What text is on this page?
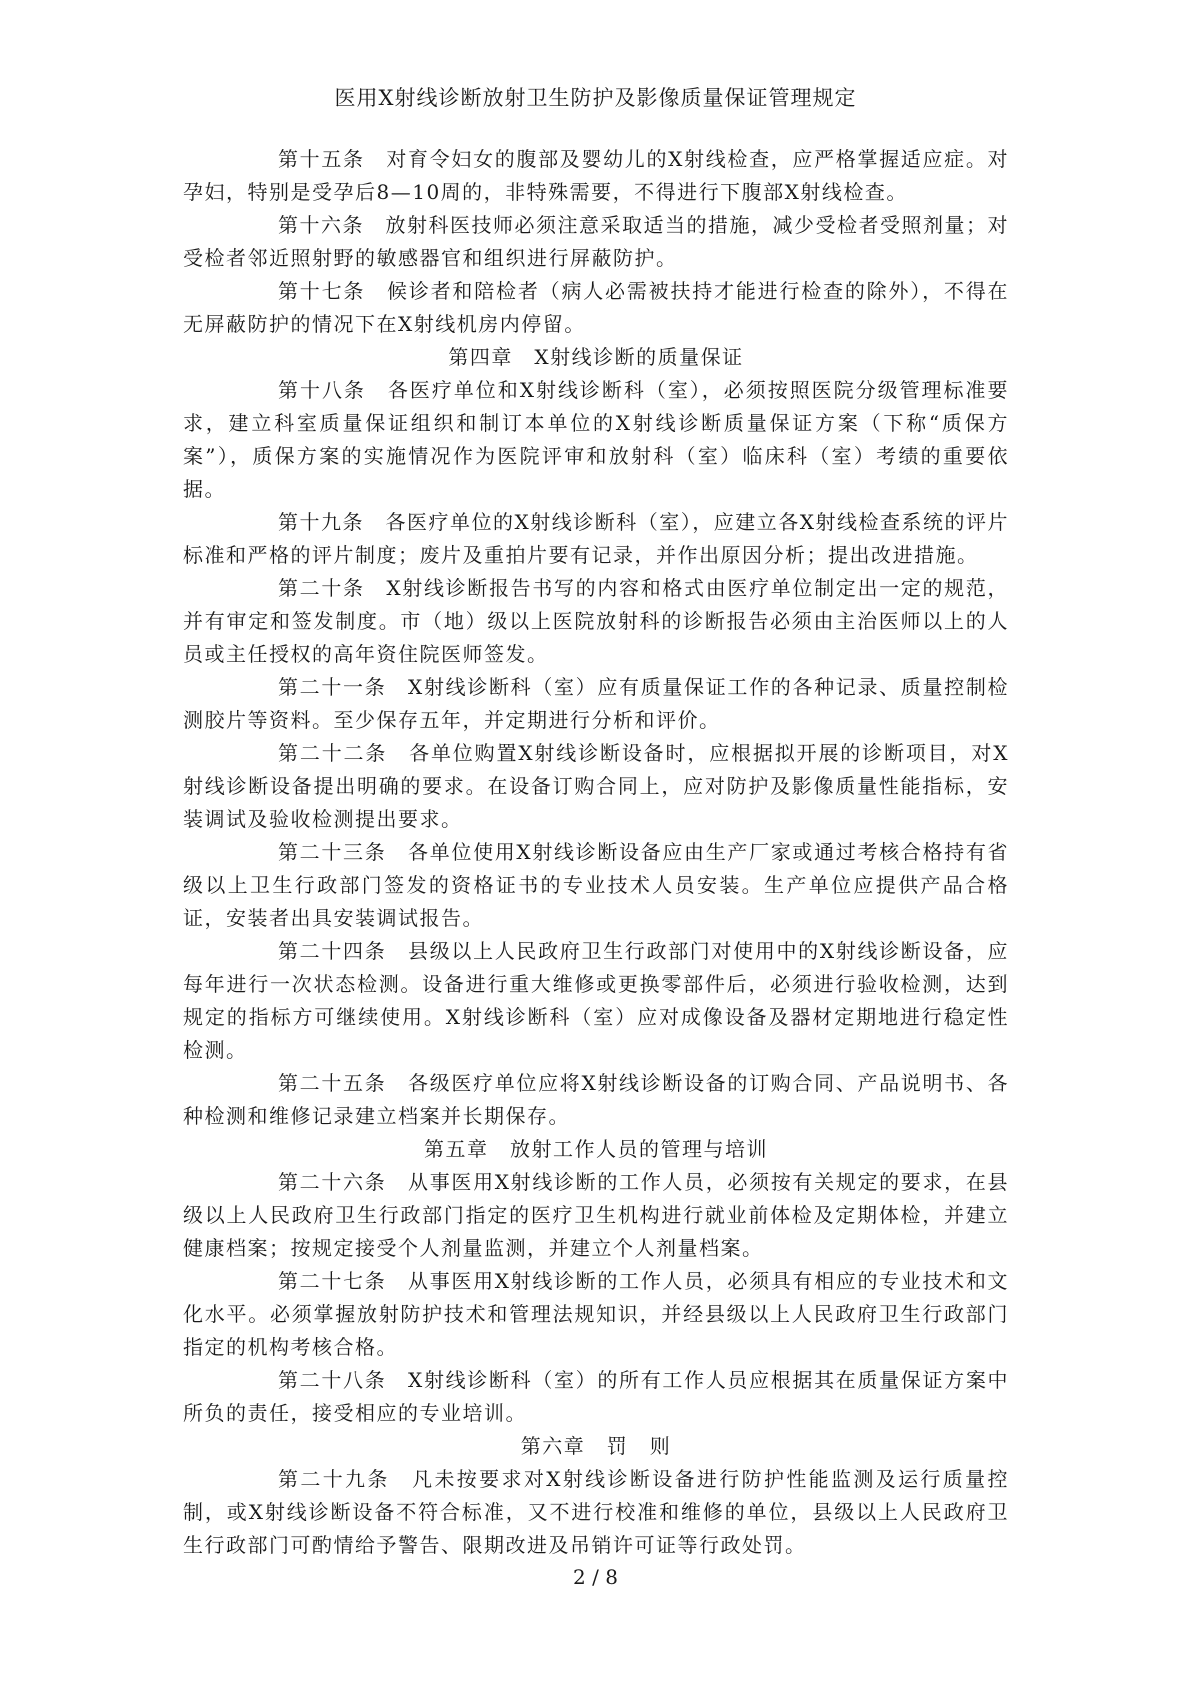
医用X射线诊断放射卫生防护及影像质量保证管理规定

第十五条　对育令妇女的腹部及婴幼儿的X射线检查，应严格掌握适应症。对孕妇，特别是受孕后8—10周的，非特殊需要，不得进行下腹部X射线检查。

第十六条　放射科医技师必须注意采取适当的措施，减少受检者受照剂量；对受检者邻近照射野的敏感器官和组织进行屏蔽防护。

第十七条　候诊者和陪检者（病人必需被扶持才能进行检查的除外），不得在无屏蔽防护的情况下在X射线机房内停留。

第四章　X射线诊断的质量保证

第十八条　各医疗单位和X射线诊断科（室），必须按照医院分级管理标准要求，建立科室质量保证组织和制订本单位的X射线诊断质量保证方案（下称“质保方案”），质保方案的实施情况作为医院评审和放射科（室）临床科（室）考绩的重要依据。

第十九条　各医疗单位的X射线诊断科（室），应建立各X射线检查系统的评片标准和严格的评片制度；废片及重拍片要有记录，并作出原因分析；提出改进措施。

第二十条　X射线诊断报告书写的内容和格式由医疗单位制定出一定的规范，并有审定和签发制度。市（地）级以上医院放射科的诊断报告必须由主治医师以上的人员或主任授权的高年资住院医师签发。

第二十一条　X射线诊断科（室）应有质量保证工作的各种记录、质量控制检测胶片等资料。至少保存五年，并定期进行分析和评价。

第二十二条　各单位购置X射线诊断设备时，应根据拟开展的诊断项目，对X射线诊断设备提出明确的要求。在设备订购合同上，应对防护及影像质量性能指标，安装调试及验收检测提出要求。

第二十三条　各单位使用X射线诊断设备应由生产厂家或通过考核合格持有省级以上卫生行政部门签发的资格证书的专业技术人员安装。生产单位应提供产品合格证，安装者出具安装调试报告。

第二十四条　县级以上人民政府卫生行政部门对使用中的X射线诊断设备，应每年进行一次状态检测。设备进行重大维修或更换零部件后，必须进行验收检测，达到规定的指标方可继续使用。X射线诊断科（室）应对成像设备及器材定期地进行稳定性检测。

第二十五条　各级医疗单位应将X射线诊断设备的订购合同、产品说明书、各种检测和维修记录建立档案并长期保存。

第五章　放射工作人员的管理与培训

第二十六条　从事医用X射线诊断的工作人员，必须按有关规定的要求，在县级以上人民政府卫生行政部门指定的医疗卫生机构进行就业前体检及定期体检，并建立健康档案；按规定接受个人剂量监测，并建立个人剂量档案。

第二十七条　从事医用X射线诊断的工作人员，必须具有相应的专业技术和文化水平。必须掌握放射防护技术和管理法规知识，并经县级以上人民政府卫生行政部门指定的机构考核合格。

第二十八条　X射线诊断科（室）的所有工作人员应根据其在质量保证方案中所负的责任，接受相应的专业培训。

第六章　罚　则

第二十九条　凡未按要求对X射线诊断设备进行防护性能监测及运行质量控制，或X射线诊断设备不符合标准，又不进行校准和维修的单位，县级以上人民政府卫生行政部门可酌情给予警告、限期改进及吊销许可证等行政处罚。

2 / 8
